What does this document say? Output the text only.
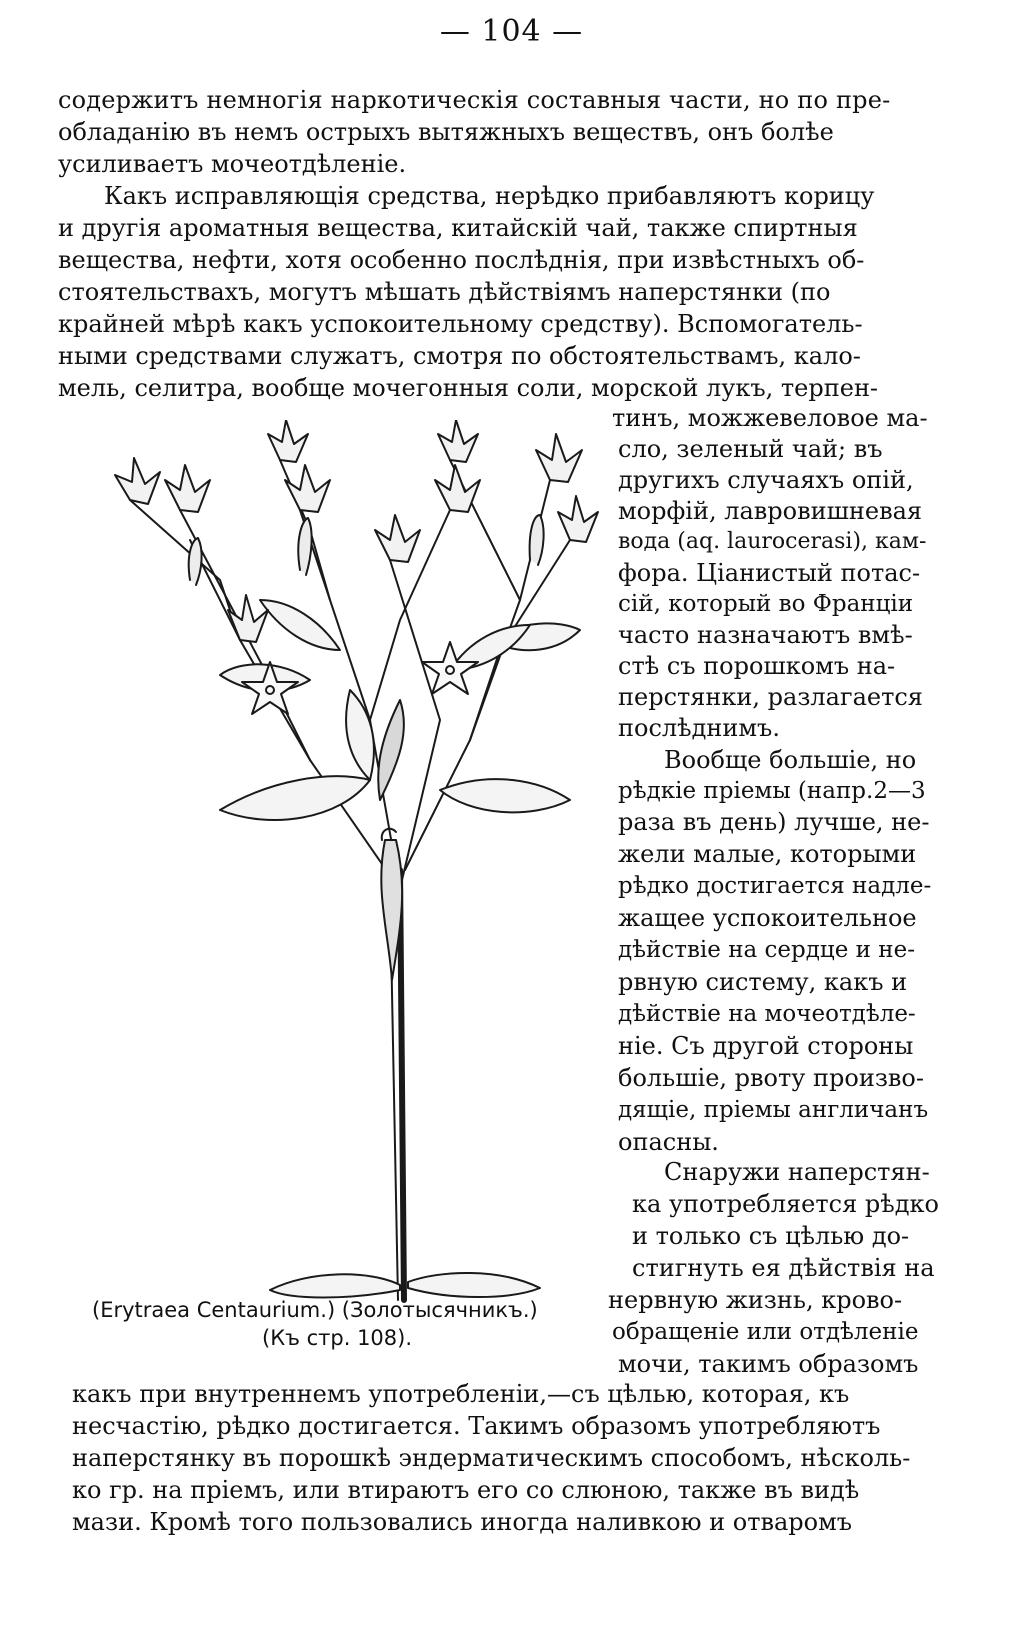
— 104 —
содержитъ немногія наркотическія составныя части, но по пре-
обладанію въ немъ острыхъ вытяжныхъ веществъ, онъ болѣе
усиливаетъ мочеотдѣленіе.
Какъ исправляющія средства, нерѣдко прибавляютъ корицу
и другія ароматныя вещества, китайскій чай, также спиртныя
вещества, нефти, хотя особенно послѣднія, при извѣстныхъ об-
стоятельствахъ, могутъ мѣшать дѣйствіямъ наперстянки (по
крайней мѣрѣ какъ успокоительному средству). Вспомогатель-
ными средствами служатъ, смотря по обстоятельствамъ, кало-
мель, селитра, вообще мочегонныя соли, морской лукъ, терпен-
тинъ, можжевеловое ма-
сло, зеленый чай; въ
другихъ случаяхъ опій,
морфій, лавровишневая
вода (aq. laurocerasi), кам-
фора. Ціанистый потас-
сій, который во Франціи
часто назначаютъ вмѣ-
стѣ съ порошкомъ на-
перстянки, разлагается
послѣднимъ.
Вообще большіе, но
рѣдкіе пріемы (напр.2—3
раза въ день) лучше, не-
жели малые, которыми
рѣдко достигается надле-
жащее успокоительное
дѣйствіе на сердце и не-
рвную систему, какъ и
дѣйствіе на мочеотдѣле-
ніе. Съ другой стороны
большіе, рвоту произво-
дящіе, пріемы англичанъ
опасны.
Снаружи наперстян-
ка употребляется рѣдко
и только съ цѣлью до-
стигнуть ея дѣйствія на
нервную жизнь, крово-
обращеніе или отдѣленіе
мочи, такимъ образомъ
какъ при внутреннемъ употребленіи,—съ цѣлью, которая, къ
несчастію, рѣдко достигается. Такимъ образомъ употребляютъ
наперстянку въ порошкѣ эндерматическимъ способомъ, нѣсколь-
ко гр. на пріемъ, или втираютъ его со слюною, также въ видѣ
мази. Кромѣ того пользовались иногда наливкою и отваромъ
(Erytraea Centaurium.) (Золотысячникъ.)
(Къ стр. 108).
